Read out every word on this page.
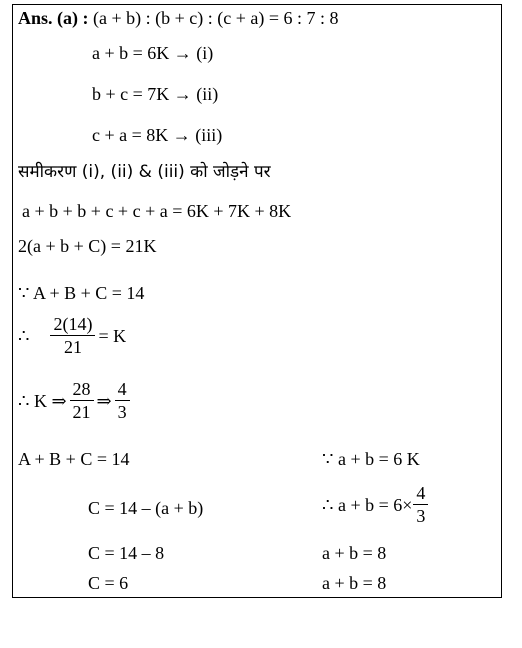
Ans. (a) : (a + b) : (b + c) : (c + a) = 6 : 7 : 8
a + b = 6K → (i)
b + c = 7K → (ii)
c + a = 8K → (iii)
समीकरण (i), (ii) & (iii) को जोड़ने पर
a + b + b + c + c + a = 6K + 7K + 8K
2(a + b + C) = 21K
∵ A + B + C = 14
∴ $\frac{2(14)}{21} = K$
∴ K ⇒ $\frac{28}{21}$ ⇒ $\frac{4}{3}$
A + B + C = 14
C = 14 – (a + b)
C = 14 – 8
C = 6
∵ a + b = 6 K
∴ $a + b = 6\times \frac{4}{3}$
a + b = 8
a + b = 8
